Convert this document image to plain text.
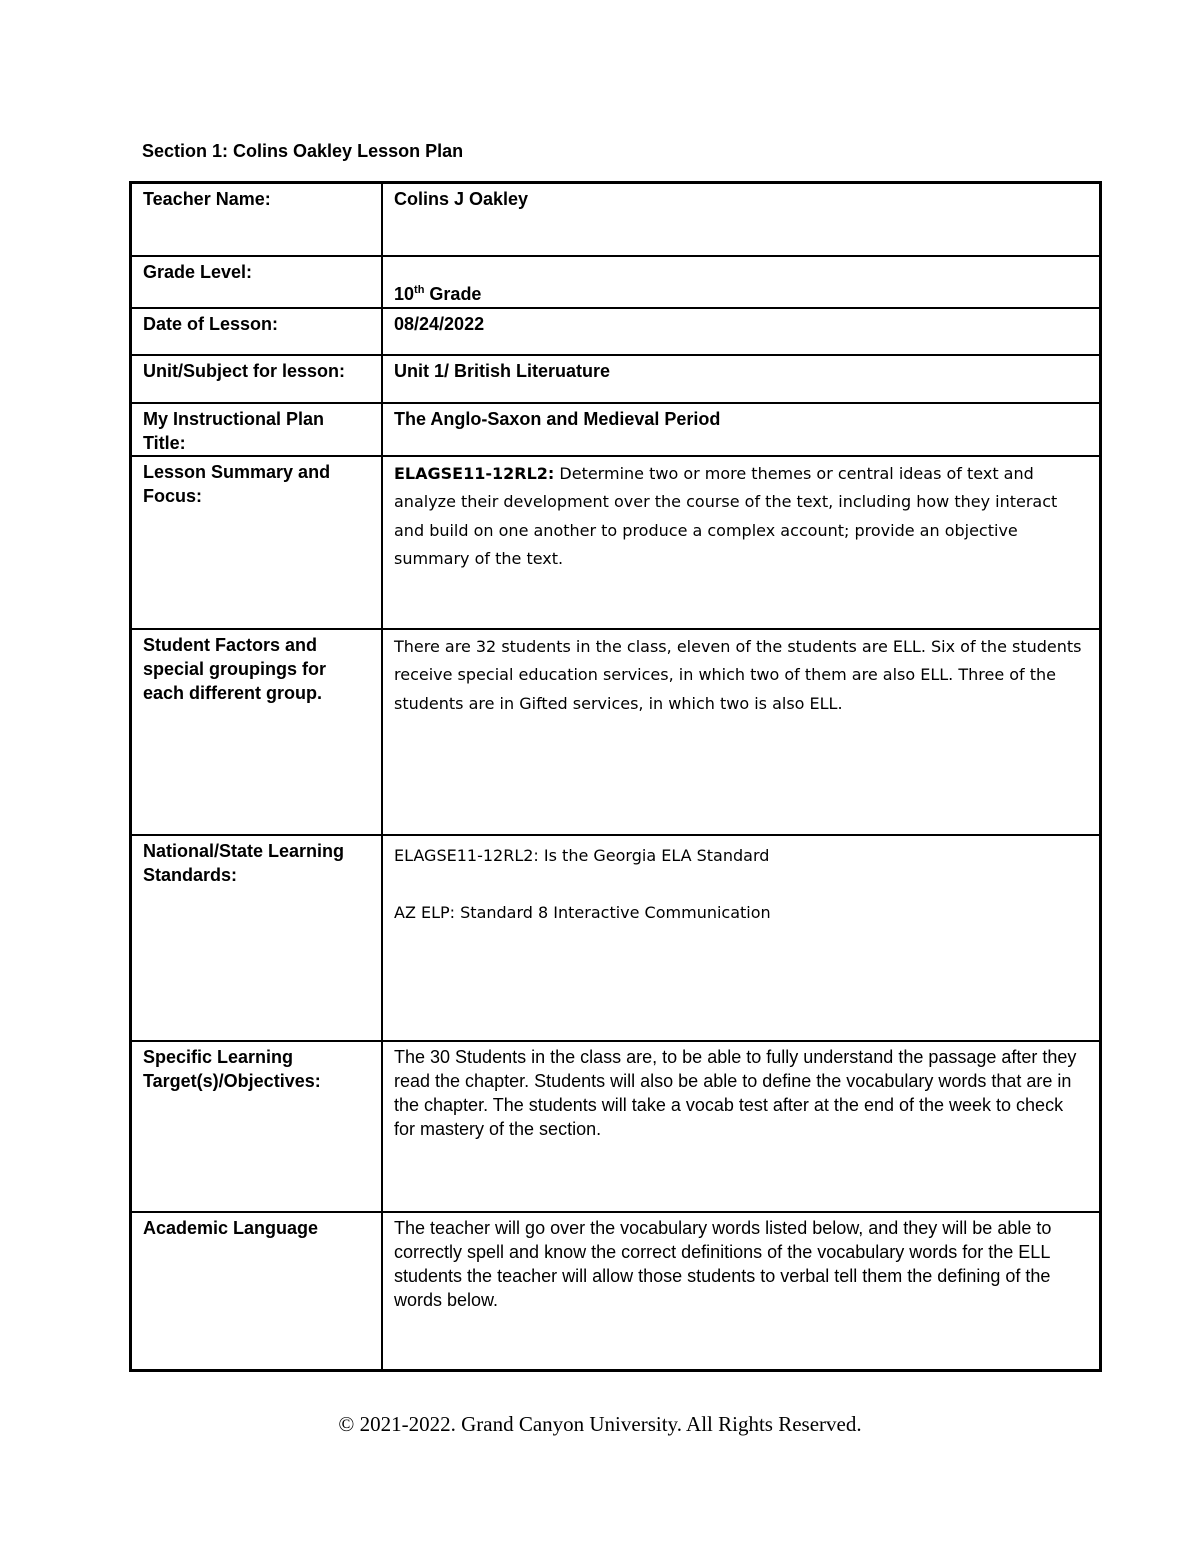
Section 1: Colins Oakley Lesson Plan
Teacher Name:	Colins J Oakley
Grade Level:	10th Grade

Date of Lesson:	08/24/2022
Unit/Subject for lesson:	Unit 1/ British Literuature
My Instructional Plan Title:	The Anglo-Saxon and Medieval Period
Lesson Summary and Focus:	ELAGSE11-12RL2: Determine two or more themes or central ideas of text and analyze their development over the course of the text, including how they interact and build on one another to produce a complex account; provide an objective summary of the text.
Student Factors and special groupings for each different group.	There are 32 students in the class, eleven of the students are ELL. Six of the students receive special education services, in which two of them are also ELL. Three of the students are in Gifted services, in which two is also ELL.
National/State Learning Standards:	ELAGSE11-12RL2: Is the Georgia ELA Standard
AZ ELP: Standard 8 Interactive Communication

Specific Learning Target(s)/Objectives:	The 30 Students in the class are, to be able to fully understand the passage after they read the chapter. Students will also be able to define the vocabulary words that are in the chapter. The students will take a vocab test after at the end of the week to check for mastery of the section.
Academic Language	The teacher will go over the vocabulary words listed below, and they will be able to correctly spell and know the correct definitions of the vocabulary words for the ELL students the teacher will allow those students to verbal tell them the defining of the words below.
© 2021-2022. Grand Canyon University. All Rights Reserved.
